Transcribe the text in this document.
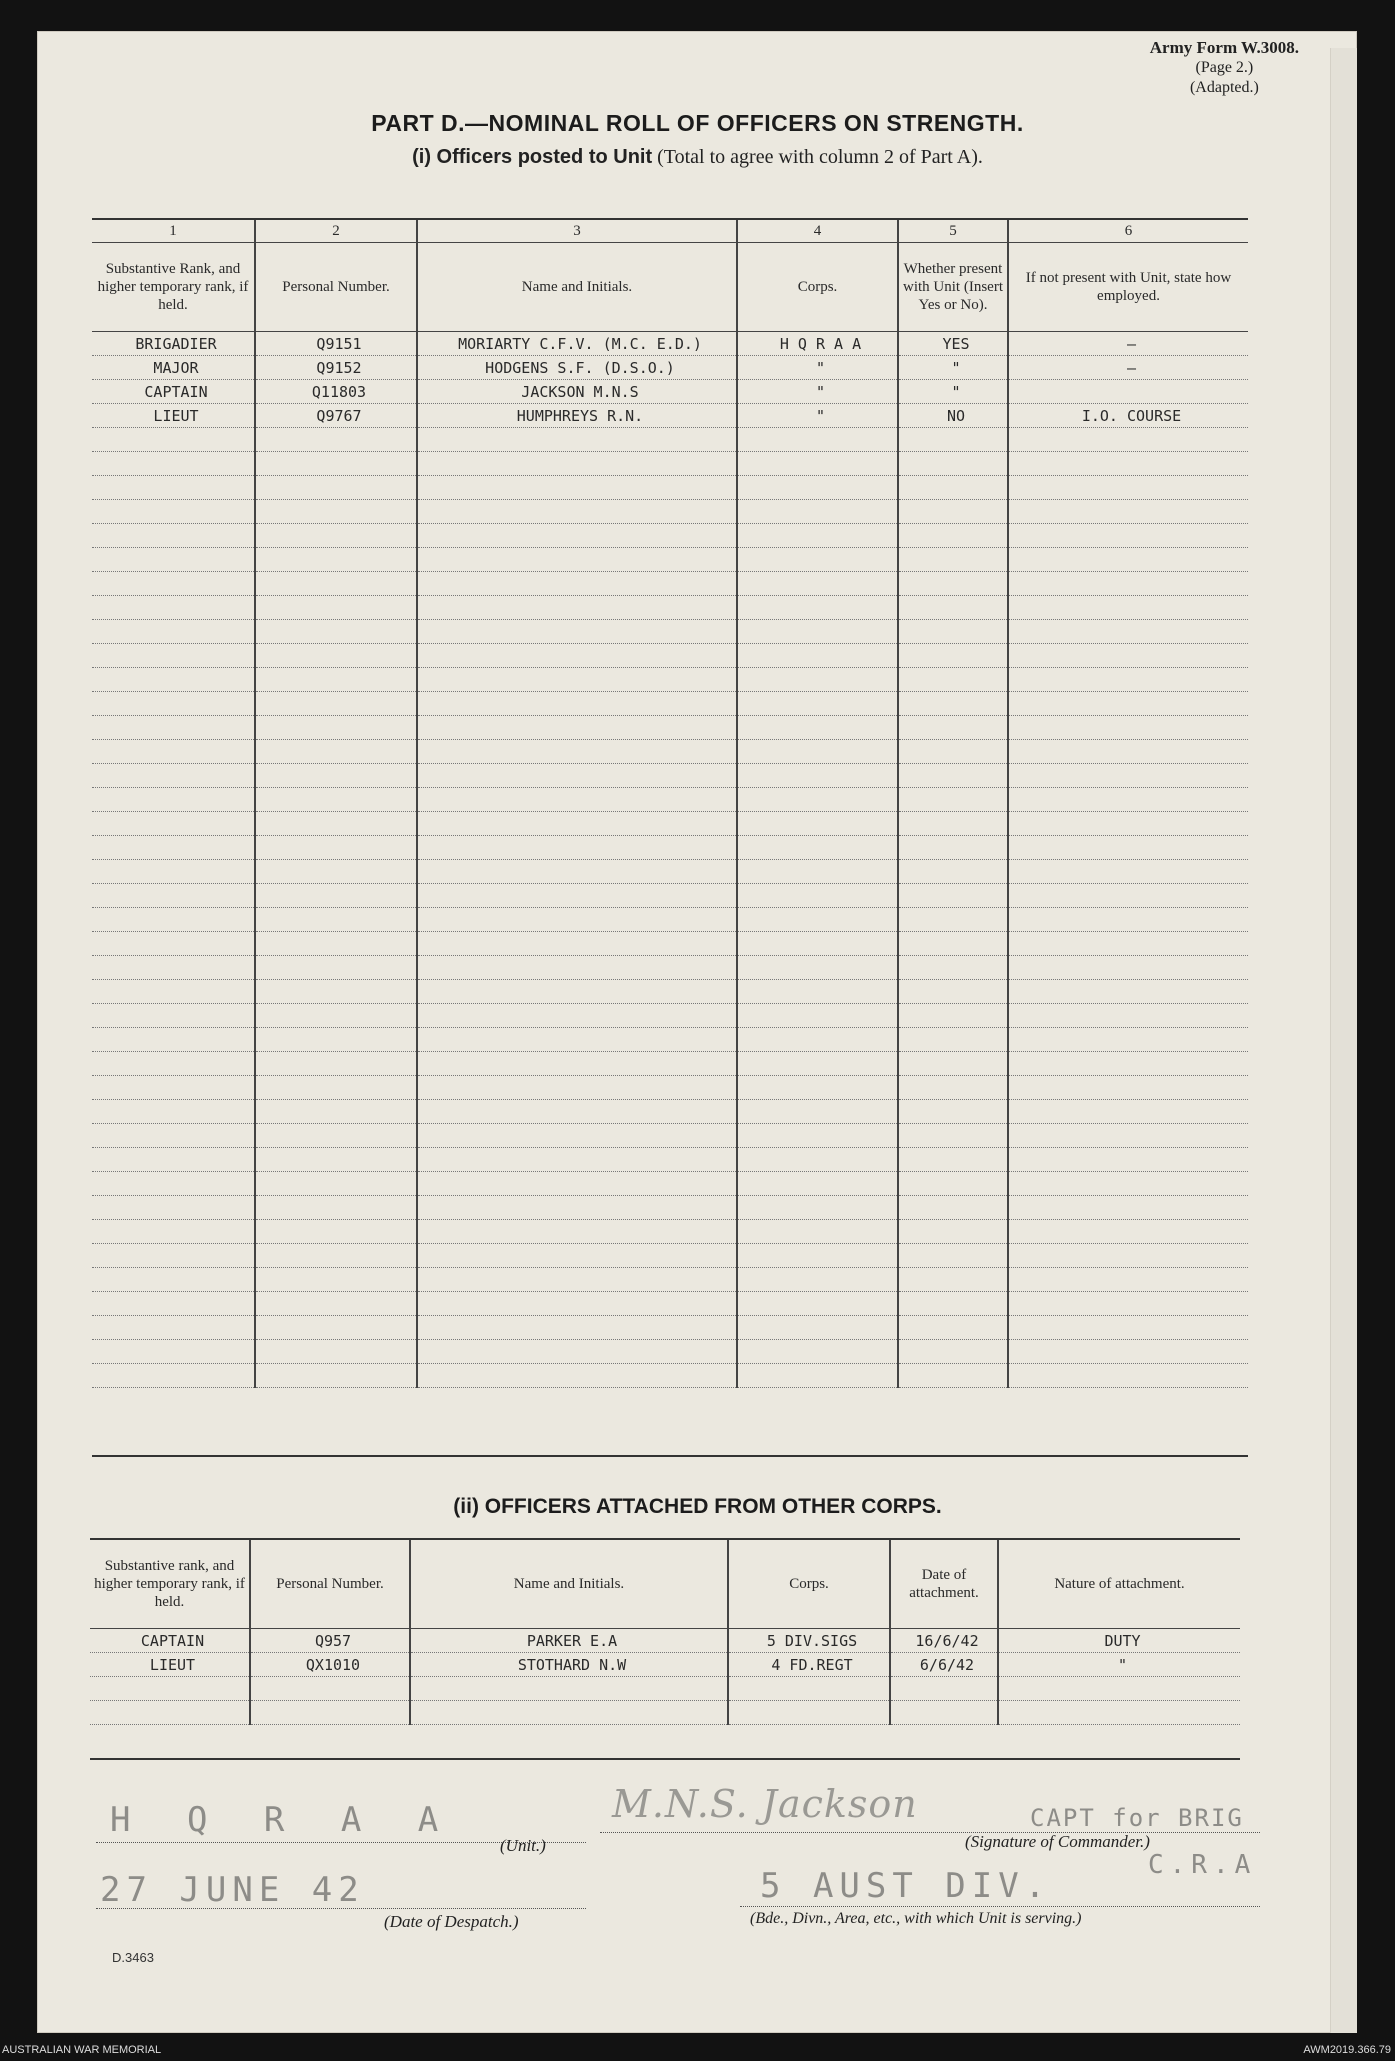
Army Form W.3008.
(Page 2.)
(Adapted.)
PART D.—NOMINAL ROLL OF OFFICERS ON STRENGTH.
(i) Officers posted to Unit (Total to agree with column 2 of Part A).
1	2	3	4	5	6
Substantive Rank, and higher temporary rank, if held.	Personal Number.	Name and Initials.	Corps.	Whether present with Unit (Insert Yes or No).	If not present with Unit, state how employed.
BRIGADIER	Q9151	MORIARTY C.F.V. (M.C. E.D.)	H Q R A A	YES	—
MAJOR	Q9152	HODGENS S.F. (D.S.O.)	"	"	—
CAPTAIN	Q11803	JACKSON M.N.S	"	"	
LIEUT	Q9767	HUMPHREYS R.N.	"	NO	I.O. COURSE

(ii) OFFICERS ATTACHED FROM OTHER CORPS.
Substantive rank, and higher temporary rank, if held.	Personal Number.	Name and Initials.	Corps.	Date of attachment.	Nature of attachment.
CAPTAIN	Q957	PARKER E.A	5 DIV.SIGS	16/6/42	DUTY
LIEUT	QX1010	STOTHARD N.W	4 FD.REGT	6/6/42	"

H Q R A A
(Unit.)
M.N.S. Jackson	CAPT for BRIG
(Signature of Commander.)
C.R.A
27 JUNE 42
(Date of Despatch.)
5 AUST DIV.
(Bde., Divn., Area, etc., with which Unit is serving.)
D.3463
AUSTRALIAN WAR MEMORIAL	AWM2019.366.79
